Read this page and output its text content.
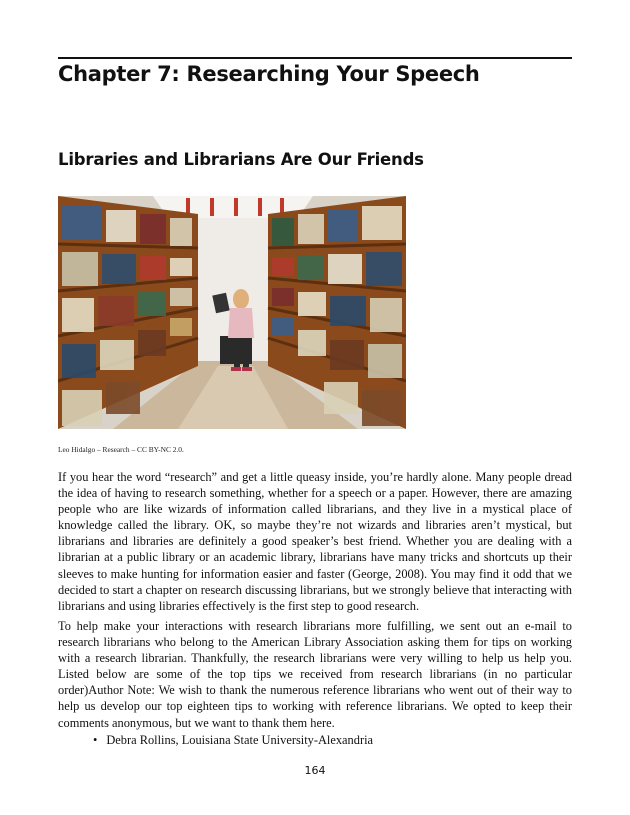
Chapter 7: Researching Your Speech
Libraries and Librarians Are Our Friends

Leo Hidalgo – Research – CC BY-NC 2.0.

If you hear the word “research” and get a little queasy inside, you’re hardly alone. Many people dread the idea of having to research something, whether for a speech or a paper. However, there are amazing people who are like wizards of information called librarians, and they live in a mystical place of knowledge called the library. OK, so maybe they’re not wizards and libraries aren’t mystical, but librarians and libraries are definitely a good speaker’s best friend. Whether you are dealing with a librarian at a public library or an academic library, librarians have many tricks and shortcuts up their sleeves to make hunting for information easier and faster (George, 2008). You may find it odd that we decided to start a chapter on research discussing librarians, but we strongly believe that interacting with librarians and using libraries effectively is the first step to good research.

To help make your interactions with research librarians more fulfilling, we sent out an e-mail to research librarians who belong to the American Library Association asking them for tips on working with a research librarian. Thankfully, the research librarians were very willing to help us help you. Listed below are some of the top tips we received from research librarians (in no particular order)Author Note: We wish to thank the numerous reference librarians who went out of their way to help us develop our top eighteen tips to working with reference librarians. We opted to keep their comments anonymous, but we want to thank them here.

• Debra Rollins, Louisiana State University-Alexandria
164
